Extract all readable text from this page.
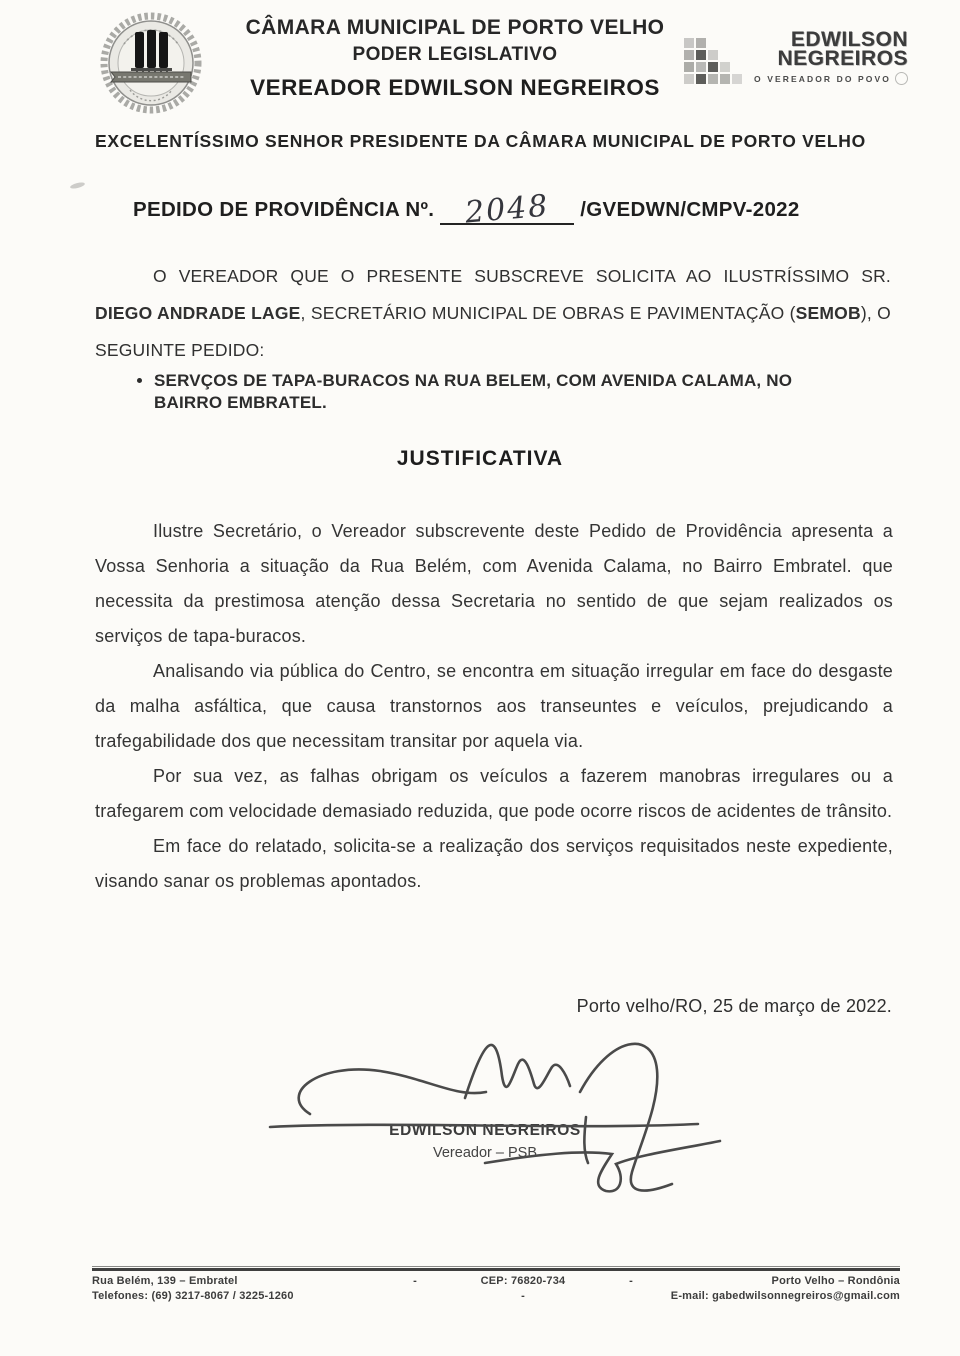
CÂMARA MUNICIPAL DE PORTO VELHO
PODER LEGISLATIVO
VEREADOR EDWILSON NEGREIROS
EDWILSON
NEGREIROS
O VEREADOR DO POVO
EXCELENTÍSSIMO SENHOR PRESIDENTE DA CÂMARA MUNICIPAL DE PORTO VELHO
PEDIDO DE PROVIDÊNCIA Nº. 2048 /GVEDWN/CMPV-2022
O VEREADOR QUE O PRESENTE SUBSCREVE SOLICITA AO ILUSTRÍSSIMO SR. DIEGO ANDRADE LAGE, SECRETÁRIO MUNICIPAL DE OBRAS E PAVIMENTAÇÃO (SEMOB), O SEGUINTE PEDIDO:
• SERVÇOS DE TAPA-BURACOS NA RUA BELEM, COM AVENIDA CALAMA, NO BAIRRO EMBRATEL.
JUSTIFICATIVA

Ilustre Secretário, o Vereador subscrevente deste Pedido de Providência apresenta a Vossa Senhoria a situação da Rua Belém, com Avenida Calama, no Bairro Embratel. que necessita da prestimosa atenção dessa Secretaria no sentido de que sejam realizados os serviços de tapa-buracos.

Analisando via pública do Centro, se encontra em situação irregular em face do desgaste da malha asfáltica, que causa transtornos aos transeuntes e veículos, prejudicando a trafegabilidade dos que necessitam transitar por aquela via.

Por sua vez, as falhas obrigam os veículos a fazerem manobras irregulares ou a trafegarem com velocidade demasiado reduzida, que pode ocorre riscos de acidentes de trânsito.

Em face do relatado, solicita-se a realização dos serviços requisitados neste expediente, visando sanar os problemas apontados.

Porto velho/RO, 25 de março de 2022.
EDWILSON NEGREIROS
Vereador – PSB
Rua Belém, 139 – Embratel	-	CEP: 76820-734	-	Porto Velho – Rondônia
Telefones: (69) 3217-8067 / 3225-1260	-	E-mail: gabedwilsonnegreiros@gmail.com
